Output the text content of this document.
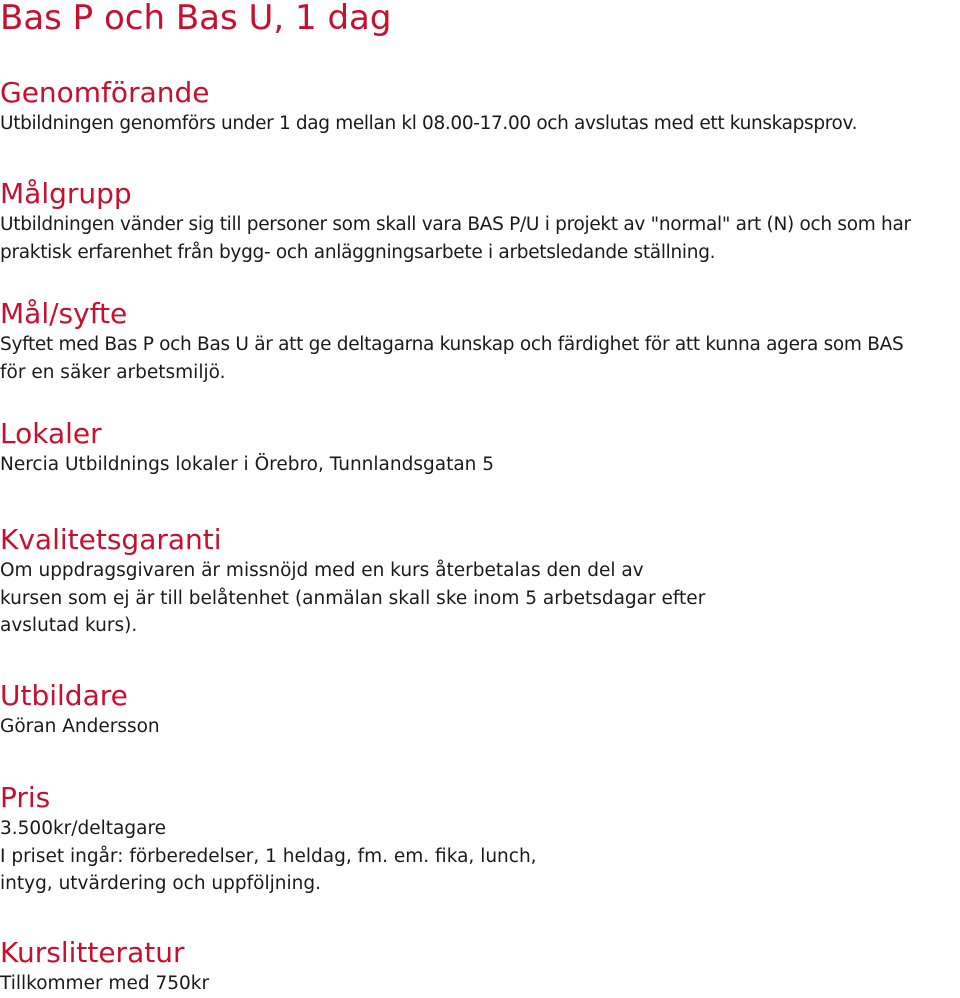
Bas P och Bas U, 1 dag
Genomförande

Utbildningen genomförs under 1 dag mellan kl 08.00-17.00 och avslutas med ett kunskapsprov.

Målgrupp

Utbildningen vänder sig till personer som skall vara BAS P/U i projekt av "normal" art (N) och som har

praktisk erfarenhet från bygg- och anläggningsarbete i arbetsledande ställning.

Mål/syfte

Syftet med Bas P och Bas U är att ge deltagarna kunskap och färdighet för att kunna agera som BAS

för en säker arbetsmiljö.

Lokaler

Nercia Utbildnings lokaler i Örebro, Tunnlandsgatan 5

Kvalitetsgaranti

Om uppdragsgivaren är missnöjd med en kurs återbetalas den del av

kursen som ej är till belåtenhet (anmälan skall ske inom 5 arbetsdagar efter

avslutad kurs).

Utbildare

Göran Andersson

Pris

3.500kr/deltagare

I priset ingår: förberedelser, 1 heldag, fm. em. fika, lunch,

intyg, utvärdering och uppföljning.

Kurslitteratur

Tillkommer med 750kr
